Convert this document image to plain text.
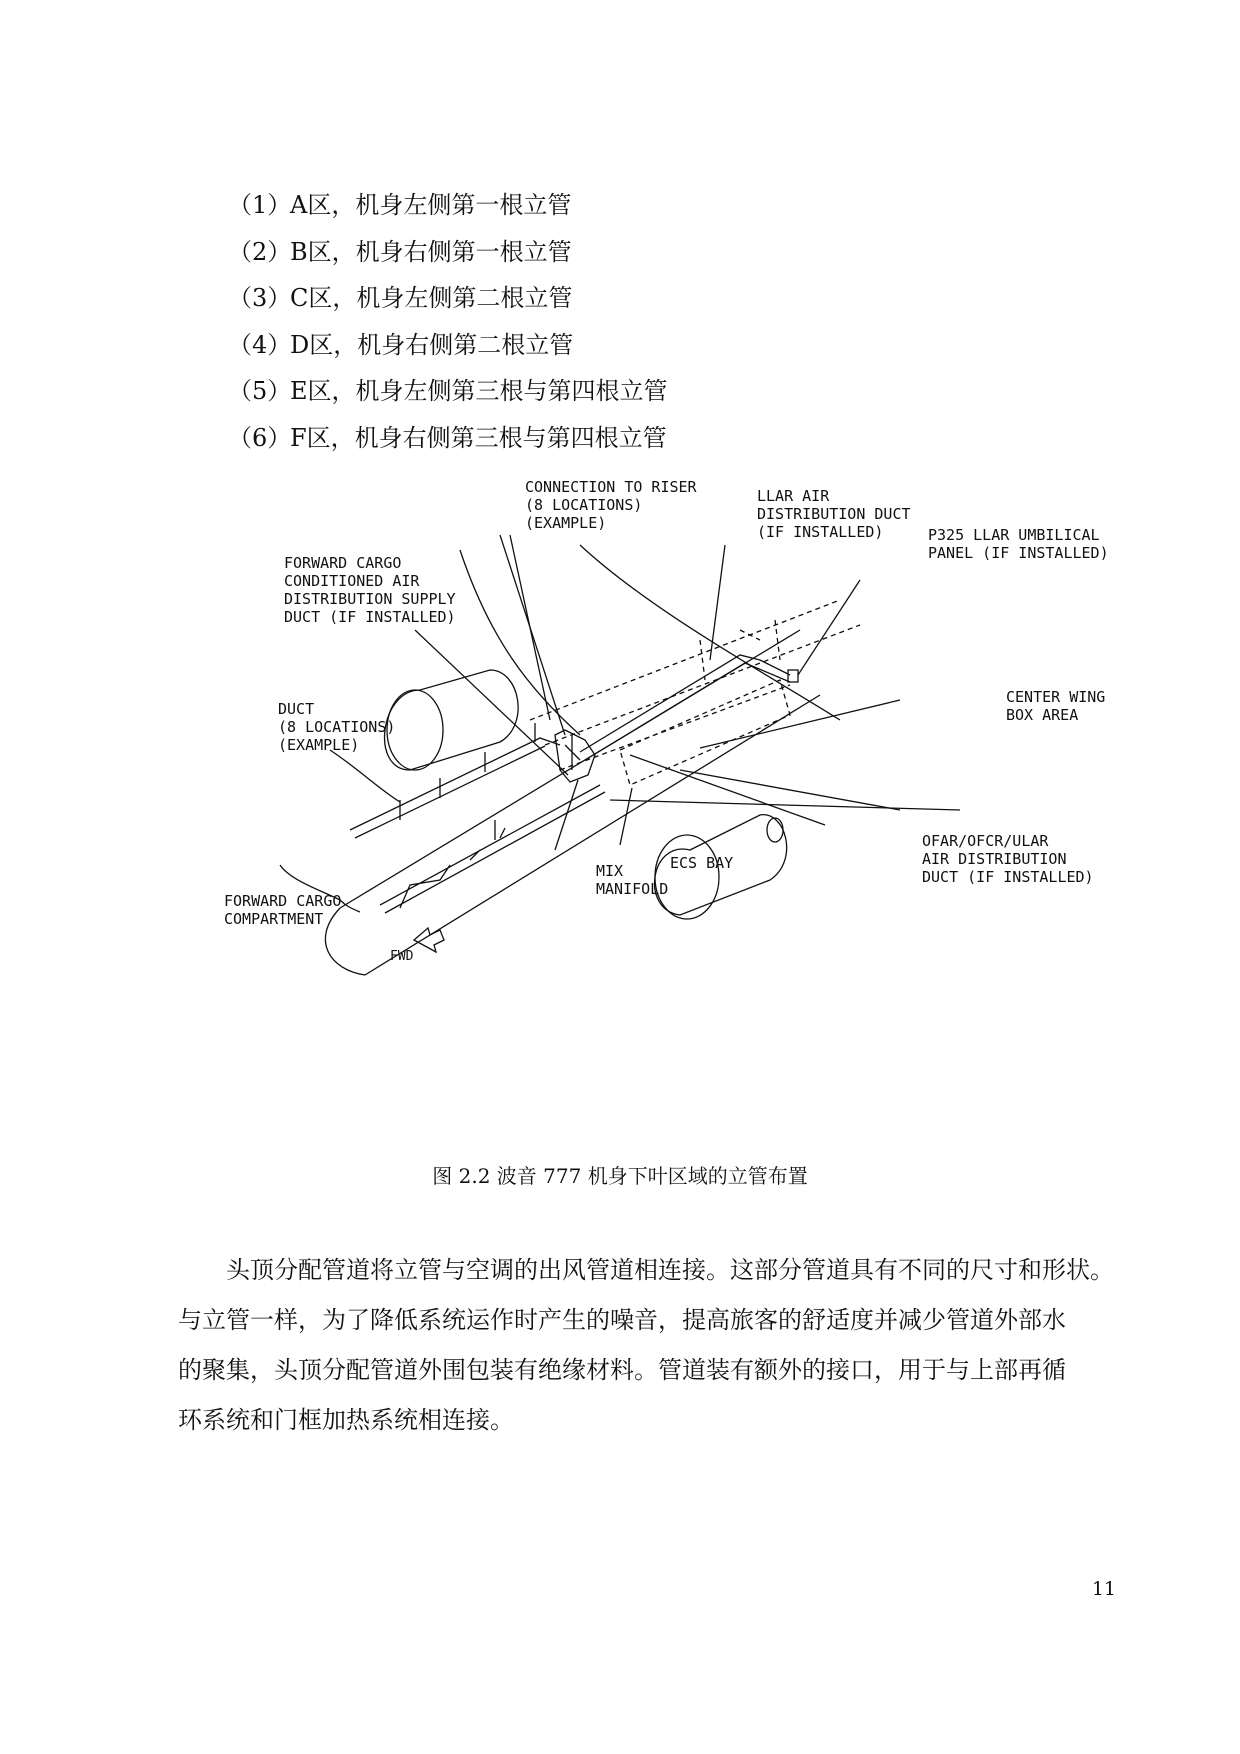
（1）A区，机身左侧第一根立管
（2）B区，机身右侧第一根立管
（3）C区，机身左侧第二根立管
（4）D区，机身右侧第二根立管
（5）E区，机身左侧第三根与第四根立管
（6）F区，机身右侧第三根与第四根立管
CONNECTION TO RISER
(8 LOCATIONS)
(EXAMPLE)
LLAR AIR
DISTRIBUTION DUCT
(IF INSTALLED)	P325 LLAR UMBILICAL
PANEL (IF INSTALLED)
FORWARD CARGO
CONDITIONED AIR
DISTRIBUTION SUPPLY
DUCT (IF INSTALLED)
DUCT
(8 LOCATIONS)
(EXAMPLE)
CENTER WING
BOX AREA
OFAR/OFCR/ULAR
AIR DISTRIBUTION
DUCT (IF INSTALLED)
ECS BAY
MIX
MANIFOLD
FORWARD CARGO
COMPARTMENT
FWD
图 2.2 波音 777 机身下叶区域的立管布置

头顶分配管道将立管与空调的出风管道相连接。这部分管道具有不同的尺寸和形状。

与立管一样，为了降低系统运作时产生的噪音，提高旅客的舒适度并减少管道外部水

的聚集，头顶分配管道外围包装有绝缘材料。管道装有额外的接口，用于与上部再循

环系统和门框加热系统相连接。

11
